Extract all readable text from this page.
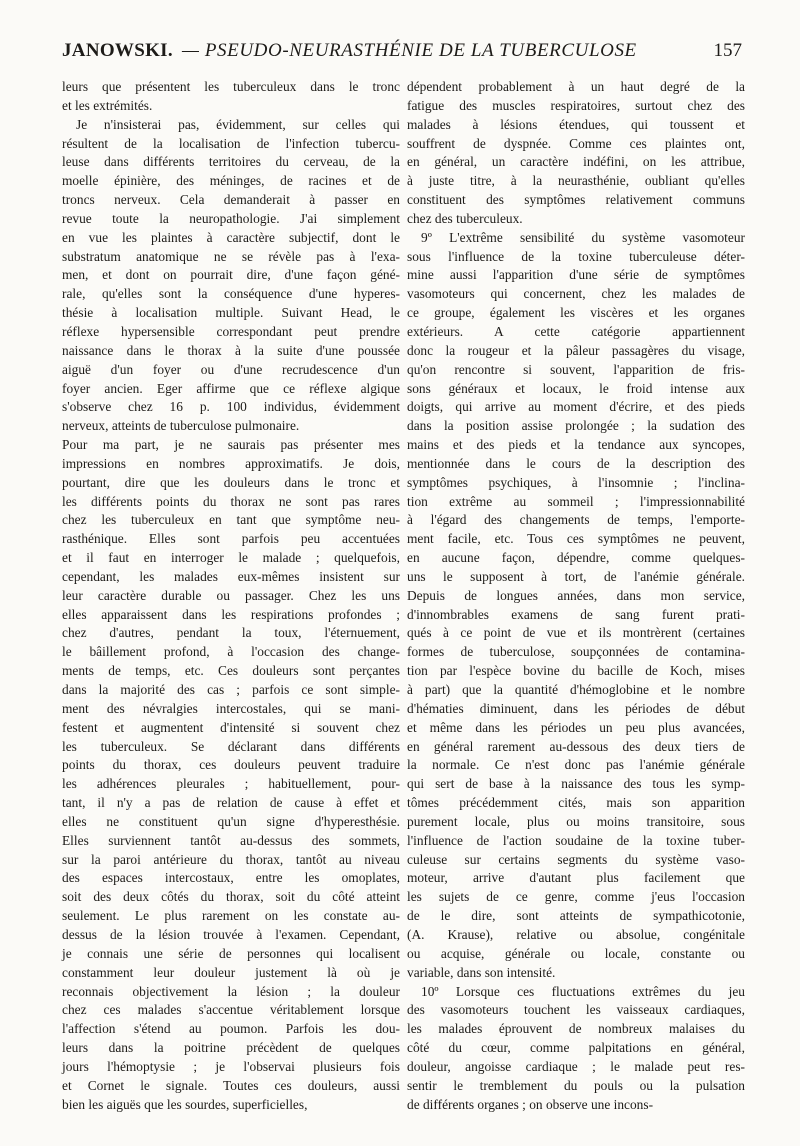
JANOWSKI. — PSEUDO-NEURASTHÉNIE DE LA TUBERCULOSE	157
leurs que présentent les tuberculeux dans le tronc
et les extrémités.
Je n'insisterai pas, évidemment, sur celles qui
résultent de la localisation de l'infection tubercu-
leuse dans différents territoires du cerveau, de la
moelle épinière, des méninges, de racines et de
troncs nerveux. Cela demanderait à passer en
revue toute la neuropathologie. J'ai simplement
en vue les plaintes à caractère subjectif, dont le
substratum anatomique ne se révèle pas à l'exa-
men, et dont on pourrait dire, d'une façon géné-
rale, qu'elles sont la conséquence d'une hyperes-
thésie à localisation multiple. Suivant Head, le
réflexe hypersensible correspondant peut prendre
naissance dans le thorax à la suite d'une poussée
aiguë d'un foyer ou d'une recrudescence d'un
foyer ancien. Eger affirme que ce réflexe algique
s'observe chez 16 p. 100 individus, évidemment
nerveux, atteints de tuberculose pulmonaire.
Pour ma part, je ne saurais pas présenter mes
impressions en nombres approximatifs. Je dois,
pourtant, dire que les douleurs dans le tronc et
les différents points du thorax ne sont pas rares
chez les tuberculeux en tant que symptôme neu-
rasthénique. Elles sont parfois peu accentuées
et il faut en interroger le malade ; quelquefois,
cependant, les malades eux-mêmes insistent sur
leur caractère durable ou passager. Chez les uns
elles apparaissent dans les respirations profondes ;
chez d'autres, pendant la toux, l'éternuement,
le bâillement profond, à l'occasion des change-
ments de temps, etc. Ces douleurs sont perçantes
dans la majorité des cas ; parfois ce sont simple-
ment des névralgies intercostales, qui se mani-
festent et augmentent d'intensité si souvent chez
les tuberculeux. Se déclarant dans différents
points du thorax, ces douleurs peuvent traduire
les adhérences pleurales ; habituellement, pour-
tant, il n'y a pas de relation de cause à effet et
elles ne constituent qu'un signe d'hyperesthésie.
Elles surviennent tantôt au-dessus des sommets,
sur la paroi antérieure du thorax, tantôt au niveau
des espaces intercostaux, entre les omoplates,
soit des deux côtés du thorax, soit du côté atteint
seulement. Le plus rarement on les constate au-
dessus de la lésion trouvée à l'examen. Cependant,
je connais une série de personnes qui localisent
constamment leur douleur justement là où je
reconnais objectivement la lésion ; la douleur
chez ces malades s'accentue véritablement lorsque
l'affection s'étend au poumon. Parfois les dou-
leurs dans la poitrine précèdent de quelques
jours l'hémoptysie ; je l'observai plusieurs fois
et Cornet le signale. Toutes ces douleurs, aussi
bien les aiguës que les sourdes, superficielles,
dépendent probablement à un haut degré de la
fatigue des muscles respiratoires, surtout chez des
malades à lésions étendues, qui toussent et
souffrent de dyspnée. Comme ces plaintes ont,
en général, un caractère indéfini, on les attribue,
à juste titre, à la neurasthénie, oubliant qu'elles
constituent des symptômes relativement communs
chez des tuberculeux.
9º L'extrême sensibilité du système vasomoteur
sous l'influence de la toxine tuberculeuse déter-
mine aussi l'apparition d'une série de symptômes
vasomoteurs qui concernent, chez les malades de
ce groupe, également les viscères et les organes
extérieurs. A cette catégorie appartiennent
donc la rougeur et la pâleur passagères du visage,
qu'on rencontre si souvent, l'apparition de fris-
sons généraux et locaux, le froid intense aux
doigts, qui arrive au moment d'écrire, et des pieds
dans la position assise prolongée ; la sudation des
mains et des pieds et la tendance aux syncopes,
mentionnée dans le cours de la description des
symptômes psychiques, à l'insomnie ; l'inclina-
tion extrême au sommeil ; l'impressionnabilité
à l'égard des changements de temps, l'emporte-
ment facile, etc. Tous ces symptômes ne peuvent,
en aucune façon, dépendre, comme quelques-
uns le supposent à tort, de l'anémie générale.
Depuis de longues années, dans mon service,
d'innombrables examens de sang furent prati-
qués à ce point de vue et ils montrèrent (certaines
formes de tuberculose, soupçonnées de contamina-
tion par l'espèce bovine du bacille de Koch, mises
à part) que la quantité d'hémoglobine et le nombre
d'hématies diminuent, dans les périodes de début
et même dans les périodes un peu plus avancées,
en général rarement au-dessous des deux tiers de
la normale. Ce n'est donc pas l'anémie générale
qui sert de base à la naissance des tous les symp-
tômes précédemment cités, mais son apparition
purement locale, plus ou moins transitoire, sous
l'influence de l'action soudaine de la toxine tuber-
culeuse sur certains segments du système vaso-
moteur, arrive d'autant plus facilement que
les sujets de ce genre, comme j'eus l'occasion
de le dire, sont atteints de sympathicotonie,
(A. Krause), relative ou absolue, congénitale
ou acquise, générale ou locale, constante ou
variable, dans son intensité.
10º Lorsque ces fluctuations extrêmes du jeu
des vasomoteurs touchent les vaisseaux cardiaques,
les malades éprouvent de nombreux malaises du
côté du cœur, comme palpitations en général,
douleur, angoisse cardiaque ; le malade peut res-
sentir le tremblement du pouls ou la pulsation
de différents organes ; on observe une incons-
